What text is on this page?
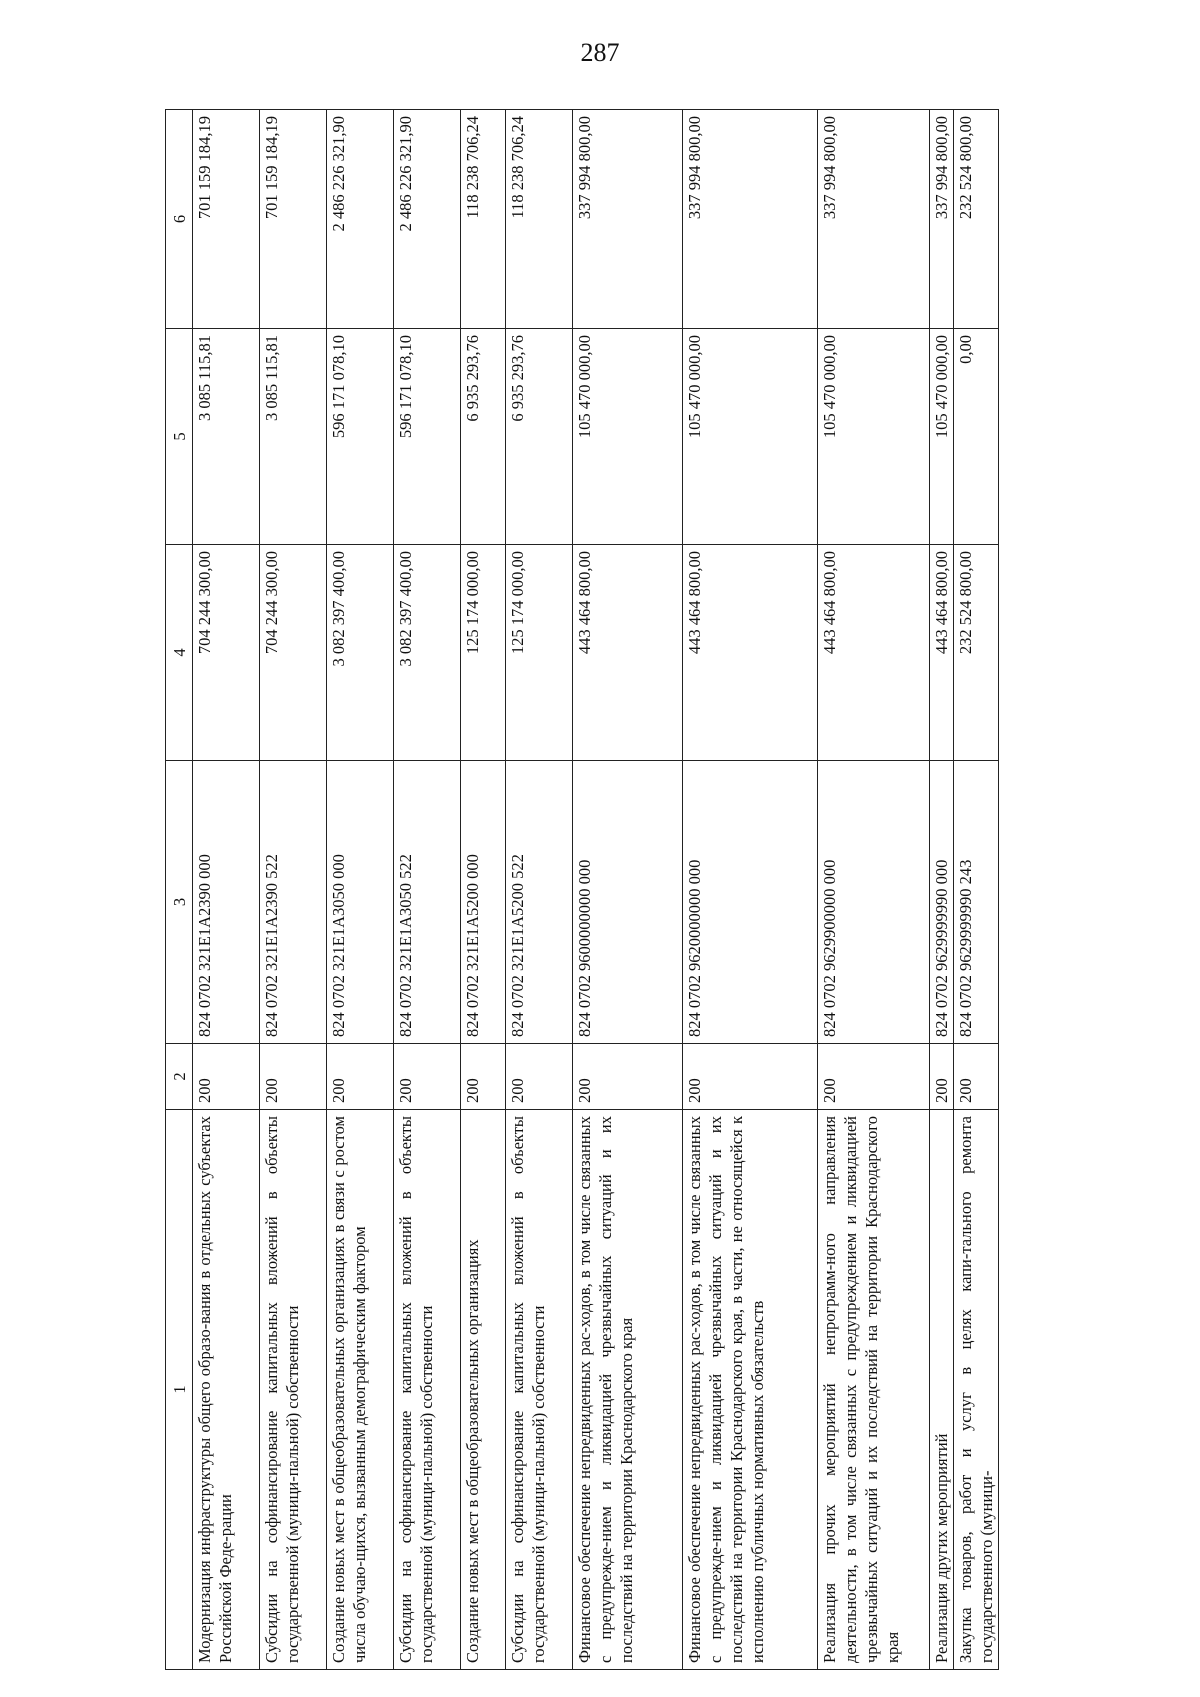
287
1	2	3	4	5	6
Модернизация инфраструктуры общего образо-вания в отдельных субъектах Российской Феде-рации	200	824 0702 321E1A2390 000	704 244 300,00	3 085 115,81	701 159 184,19
Субсидии на софинансирование капитальных вложений в объекты государственной (муници-пальной) собственности	200	824 0702 321E1A2390 522	704 244 300,00	3 085 115,81	701 159 184,19
Создание новых мест в общеобразовательных организациях в связи с ростом числа обучаю-щихся, вызванным демографическим фактором	200	824 0702 321E1A3050 000	3 082 397 400,00	596 171 078,10	2 486 226 321,90
Субсидии на софинансирование капитальных вложений в объекты государственной (муници-пальной) собственности	200	824 0702 321E1A3050 522	3 082 397 400,00	596 171 078,10	2 486 226 321,90
Создание новых мест в общеобразовательных организациях	200	824 0702 321E1A5200 000	125 174 000,00	6 935 293,76	118 238 706,24
Субсидии на софинансирование капитальных вложений в объекты государственной (муници-пальной) собственности	200	824 0702 321E1A5200 522	125 174 000,00	6 935 293,76	118 238 706,24
Финансовое обеспечение непредвиденных рас-ходов, в том числе связанных с предупрежде-нием и ликвидацией чрезвычайных ситуаций и их последствий на территории Краснодарского края	200	824 0702 9600000000 000	443 464 800,00	105 470 000,00	337 994 800,00
Финансовое обеспечение непредвиденных рас-ходов, в том числе связанных с предупрежде-нием и ликвидацией чрезвычайных ситуаций и их последствий на территории Краснодарского края, в части, не относящейся к исполнению публичных нормативных обязательств	200	824 0702 9620000000 000	443 464 800,00	105 470 000,00	337 994 800,00
Реализация прочих мероприятий непрограмм-ного направления деятельности, в том числе связанных с предупреждением и ликвидацией чрезвычайных ситуаций и их последствий на территории Краснодарского края	200	824 0702 9629900000 000	443 464 800,00	105 470 000,00	337 994 800,00
Реализация других мероприятий	200	824 0702 9629999990 000	443 464 800,00	105 470 000,00	337 994 800,00
Закупка товаров, работ и услуг в целях капи-тального ремонта государственного (муници-	200	824 0702 9629999990 243	232 524 800,00	0,00	232 524 800,00
